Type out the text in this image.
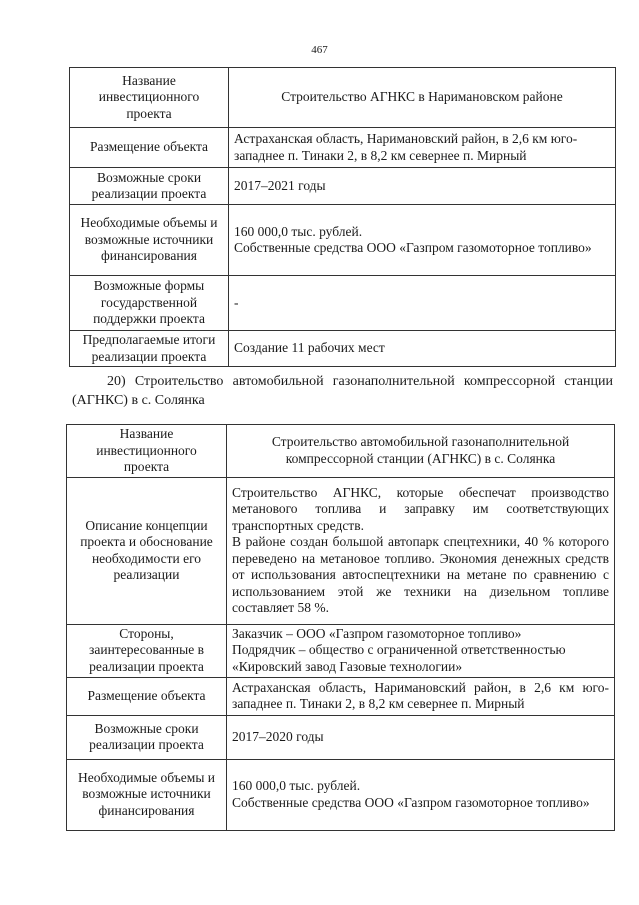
467
Название инвестиционного проекта	Строительство АГНКС в Наримановском районе

Размещение объекта	Астраханская область, Наримановский район, в 2,6 км юго-западнее п. Тинаки 2, в 8,2 км севернее п. Мирный

Возможные сроки реализации проекта	2017–2021 годы

Необходимые объемы и возможные источники финансирования	160 000,0 тыс. рублей.
Собственные средства ООО «Газпром газомоторное топливо»

Возможные формы государственной поддержки проекта	-

Предполагаемые итоги реализации проекта	Создание 11 рабочих мест
20) Строительство автомобильной газонаполнительной компрессорной станции (АГНКС) в с. Солянка
Название инвестиционного проекта	Строительство автомобильной газонаполнительной компрессорной станции (АГНКС) в с. Солянка

Описание концепции проекта и обоснование необходимости его реализации	Строительство АГНКС, которые обеспечат производство метанового топлива и заправку им соответствующих транспортных средств.
В районе создан большой автопарк спецтехники, 40 % которого переведено на метановое топливо. Экономия денежных средств от использования автоспецтехники на метане по сравнению с использованием этой же техники на дизельном топливе составляет 58 %.

Стороны, заинтересованные в реализации проекта	Заказчик – ООО «Газпром газомоторное топливо»
Подрядчик – общество с ограниченной ответственностью «Кировский завод Газовые технологии»

Размещение объекта	Астраханская область, Наримановский район, в 2,6 км юго-западнее п. Тинаки 2, в 8,2 км севернее п. Мирный

Возможные сроки реализации проекта	2017–2020 годы

Необходимые объемы и возможные источники финансирования	160 000,0 тыс. рублей.
Собственные средства ООО «Газпром газомоторное топливо»
